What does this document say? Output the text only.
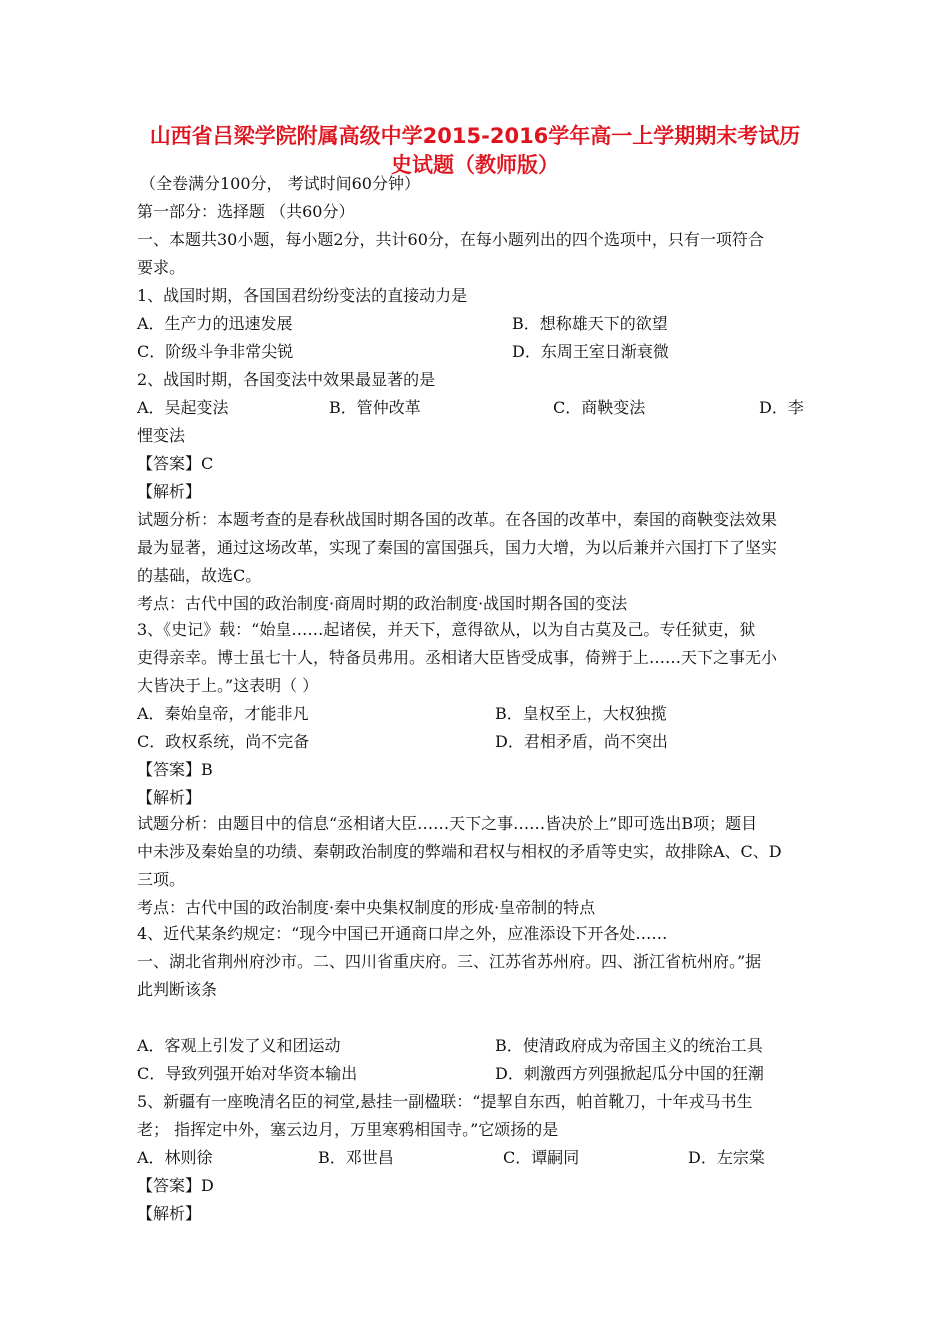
山西省吕梁学院附属高级中学2015-2016学年高一上学期期末考试历
史试题（教师版）
（全卷满分100分， 考试时间60分钟）
第一部分：选择题 （共60分）
一、本题共30小题，每小题2分，共计60分，在每小题列出的四个选项中，只有一项符合
要求。
1、战国时期，各国国君纷纷变法的直接动力是
A．生产力的迅速发展	B．想称雄天下的欲望
C．阶级斗争非常尖锐	D．东周王室日渐衰微
2、战国时期，各国变法中效果最显著的是
A．吴起变法	B．管仲改革	C．商鞅变法	D．李
悝变法
【答案】C
【解析】
试题分析：本题考查的是春秋战国时期各国的改革。在各国的改革中，秦国的商鞅变法效果
最为显著，通过这场改革，实现了秦国的富国强兵，国力大增，为以后兼并六国打下了坚实
的基础，故选C。
考点：古代中国的政治制度·商周时期的政治制度·战国时期各国的变法
3、《史记》载：“始皇……起诸侯，并天下，意得欲从，以为自古莫及己。专任狱吏，狱
吏得亲幸。博士虽七十人，特备员弗用。丞相诸大臣皆受成事，倚辨于上……天下之事无小
大皆决于上。”这表明（ ）
A．秦始皇帝，才能非凡	B．皇权至上，大权独揽
C．政权系统，尚不完备	D．君相矛盾，尚不突出
【答案】B
【解析】
试题分析：由题目中的信息“丞相诸大臣……天下之事……皆决於上”即可选出B项；题目
中未涉及秦始皇的功绩、秦朝政治制度的弊端和君权与相权的矛盾等史实，故排除A、C、D
三项。
考点：古代中国的政治制度·秦中央集权制度的形成·皇帝制的特点
4、近代某条约规定：“现今中国已开通商口岸之外，应准添设下开各处……
一、湖北省荆州府沙市。二、四川省重庆府。三、江苏省苏州府。四、浙江省杭州府。”据
此判断该条
A．客观上引发了义和团运动	B．使清政府成为帝国主义的统治工具
C．导致列强开始对华资本输出	D．刺激西方列强掀起瓜分中国的狂潮
5、新疆有一座晚清名臣的祠堂,悬挂一副楹联：“提挈自东西，帕首靴刀，十年戎马书生
老； 指挥定中外，塞云边月，万里寒鸦相国寺。”它颂扬的是
A．林则徐	B．邓世昌	C．谭嗣同	D．左宗棠
【答案】D
【解析】
